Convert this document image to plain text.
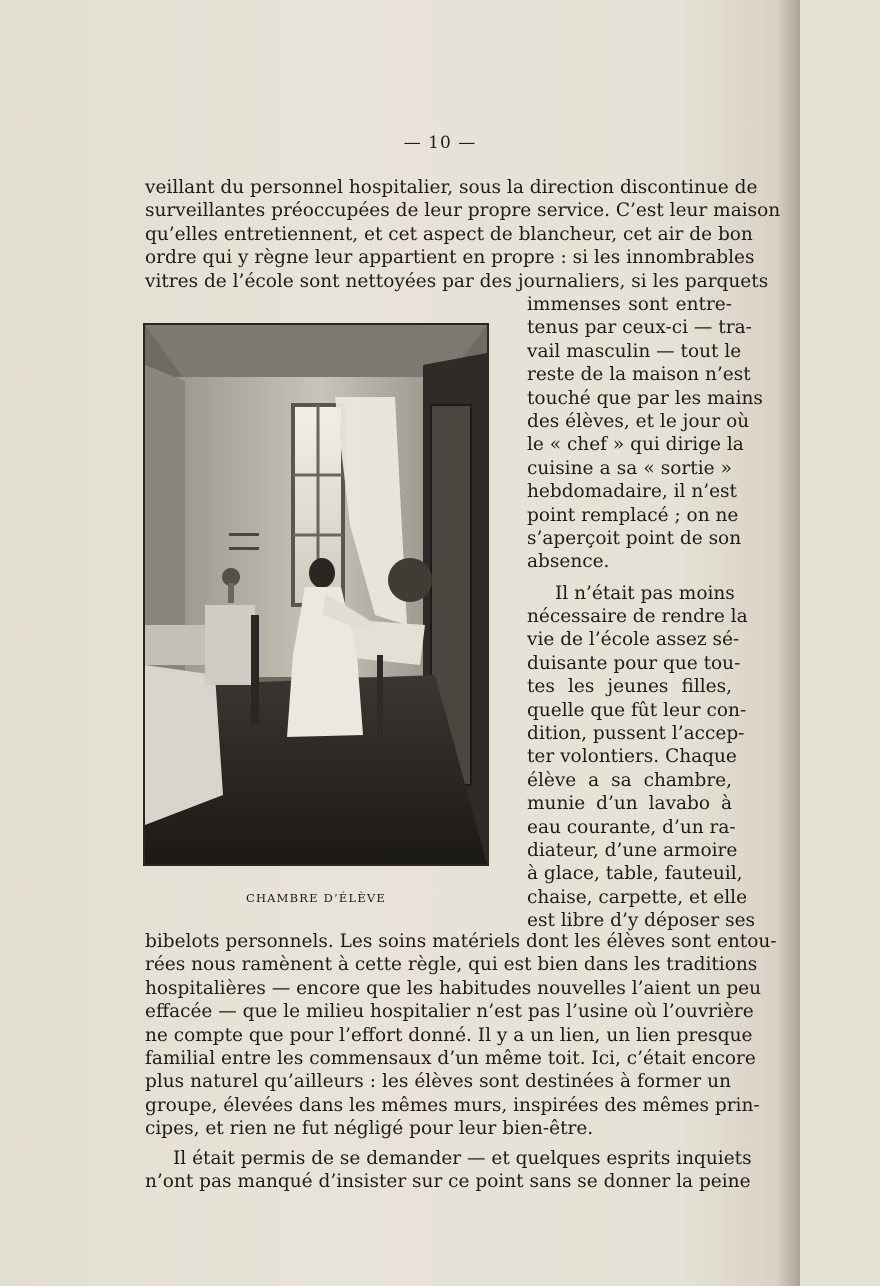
— 10 —
veillant du personnel hospitalier, sous la direction discontinue de
surveillantes préoccupées de leur propre service. C’est leur maison
qu’elles entretiennent, et cet aspect de blancheur, cet air de bon
ordre qui y règne leur appartient en propre : si les innombrables
vitres de l’école sont nettoyées par des journaliers, si les parquets
immenses sont entre-
tenus par ceux-ci — tra-
vail masculin — tout le
reste de la maison n’est
touché que par les mains
des élèves, et le jour où
le « chef » qui dirige la
cuisine a sa « sortie »
hebdomadaire, il n’est
point remplacé ; on ne
s’aperçoit point de son
absence.
Il n’était pas moins
nécessaire de rendre la
vie de l’école assez sé-
duisante pour que tou-
tes les jeunes filles,
quelle que fût leur con-
dition, pussent l’accep-
ter volontiers. Chaque
élève a sa chambre,
munie d’un lavabo à
eau courante, d’un ra-
diateur, d’une armoire
à glace, table, fauteuil,
chaise, carpette, et elle
est libre d’y déposer ses
CHAMBRE D’ÉLÈVE
bibelots personnels. Les soins matériels dont les élèves sont entou-
rées nous ramènent à cette règle, qui est bien dans les traditions
hospitalières — encore que les habitudes nouvelles l’aient un peu
effacée — que le milieu hospitalier n’est pas l’usine où l’ouvrière
ne compte que pour l’effort donné. Il y a un lien, un lien presque
familial entre les commensaux d’un même toit. Ici, c’était encore
plus naturel qu’ailleurs : les élèves sont destinées à former un
groupe, élevées dans les mêmes murs, inspirées des mêmes prin-
cipes, et rien ne fut négligé pour leur bien-être.
Il était permis de se demander — et quelques esprits inquiets
n’ont pas manqué d’insister sur ce point sans se donner la peine
